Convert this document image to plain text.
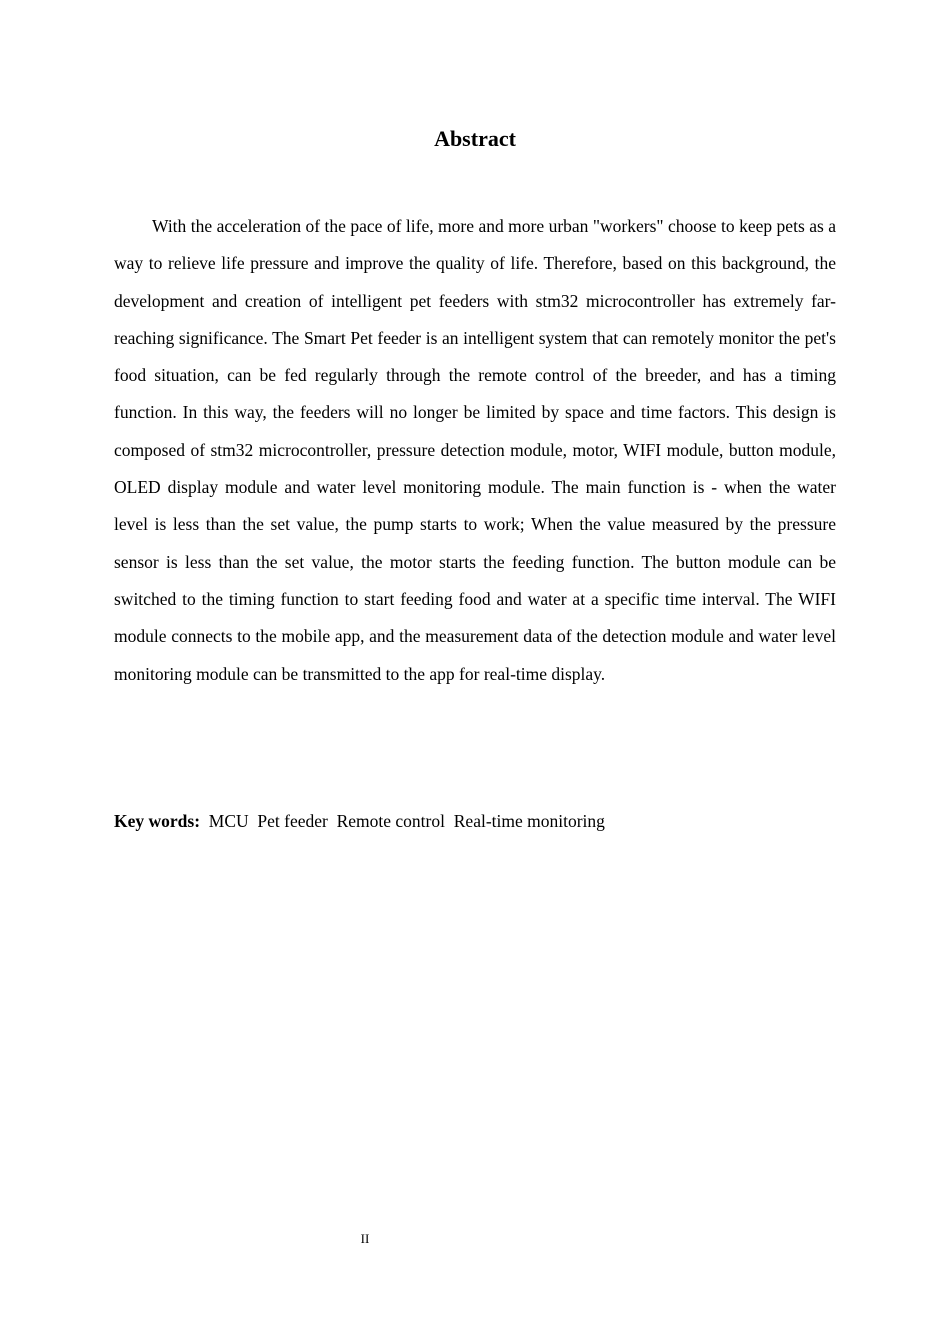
Abstract

With the acceleration of the pace of life, more and more urban "workers" choose to keep pets as a way to relieve life pressure and improve the quality of life. Therefore, based on this background, the development and creation of intelligent pet feeders with stm32 microcontroller has extremely far-reaching significance. The Smart Pet feeder is an intelligent system that can remotely monitor the pet's food situation, can be fed regularly through the remote control of the breeder, and has a timing function. In this way, the feeders will no longer be limited by space and time factors. This design is composed of stm32 microcontroller, pressure detection module, motor, WIFI module, button module, OLED display module and water level monitoring module. The main function is - when the water level is less than the set value, the pump starts to work; When the value measured by the pressure sensor is less than the set value, the motor starts the feeding function. The button module can be switched to the timing function to start feeding food and water at a specific time interval. The WIFI module connects to the mobile app, and the measurement data of the detection module and water level monitoring module can be transmitted to the app for real-time display.

Key words: MCU Pet feeder Remote control Real-time monitoring
II
